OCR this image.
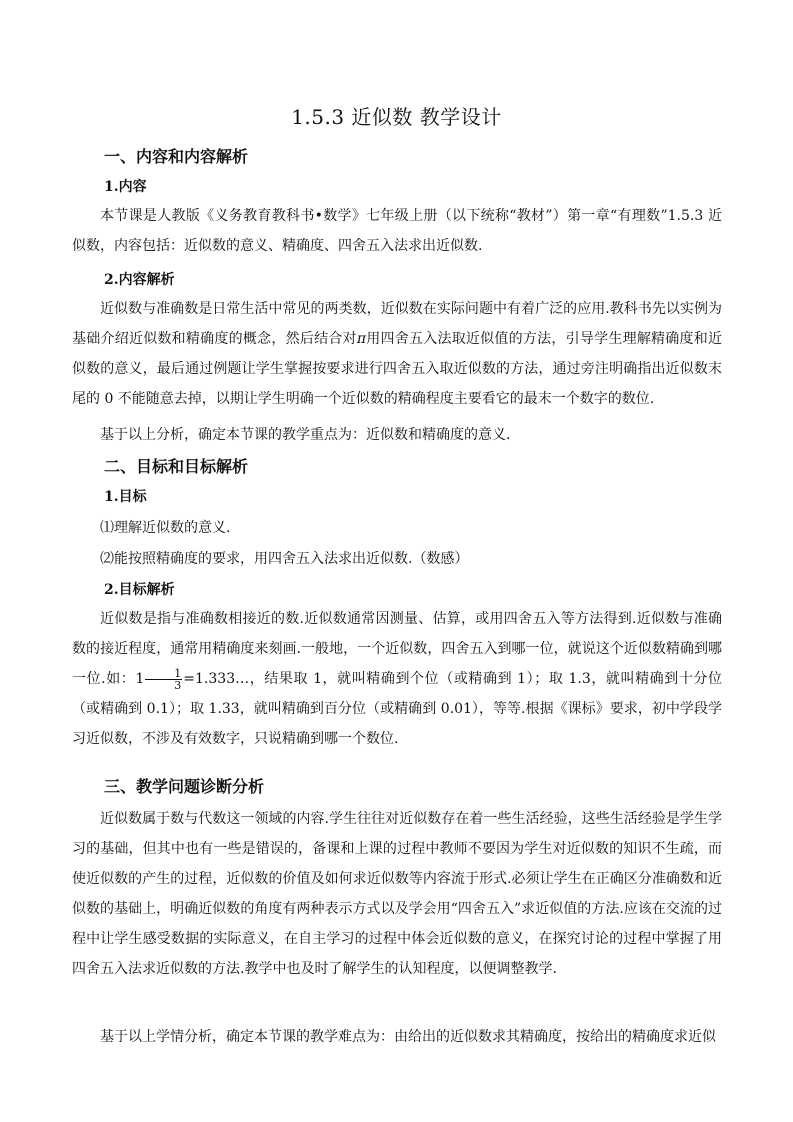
1.5.3 近似数 教学设计
一、内容和内容解析
1.内容

本节课是人教版《义务教育教科书•数学》七年级上册（以下统称“教材”）第一章“有理数”1.5.3 近似数，内容包括：近似数的意义、精确度、四舍五入法求出近似数.

2.内容解析

近似数与准确数是日常生活中常见的两类数，近似数在实际问题中有着广泛的应用.教科书先以实例为基础介绍近似数和精确度的概念，然后结合对π用四舍五入法取近似值的方法，引导学生理解精确度和近似数的意义，最后通过例题让学生掌握按要求进行四舍五入取近似数的方法，通过旁注明确指出近似数末尾的 0 不能随意去掉，以期让学生明确一个近似数的精确程度主要看它的最末一个数字的数位.

基于以上分析，确定本节课的教学重点为：近似数和精确度的意义.

二、目标和目标解析
1.目标
⑴理解近似数的意义.
⑵能按照精确度的要求，用四舍五入法求出近似数.（数感）
2.目标解析

近似数是指与准确数相接近的数.近似数通常因测量、估算，或用四舍五入等方法得到.近似数与准确数的接近程度，通常用精确度来刻画.一般地，一个近似数，四舍五入到哪一位，就说这个近似数精确到哪一位.如：$1 \frac{1}{3}$ =1.333…，结果取 1，就叫精确到个位（或精确到 1）；取 1.3，就叫精确到十分位（或精确到 0.1）；取 1.33，就叫精确到百分位（或精确到 0.01），等等.根据《课标》要求，初中学段学习近似数，不涉及有效数字，只说精确到哪一个数位.

三、教学问题诊断分析

近似数属于数与代数这一领域的内容.学生往往对近似数存在着一些生活经验，这些生活经验是学生学习的基础，但其中也有一些是错误的，备课和上课的过程中教师不要因为学生对近似数的知识不生疏，而使近似数的产生的过程，近似数的价值及如何求近似数等内容流于形式.必须让学生在正确区分准确数和近似数的基础上，明确近似数的角度有两种表示方式以及学会用“四舍五入”求近似值的方法.应该在交流的过程中让学生感受数据的实际意义，在自主学习的过程中体会近似数的意义，在探究讨论的过程中掌握了用四舍五入法求近似数的方法.教学中也及时了解学生的认知程度，以便调整教学.

基于以上学情分析，确定本节课的教学难点为：由给出的近似数求其精确度，按给出的精确度求近似
